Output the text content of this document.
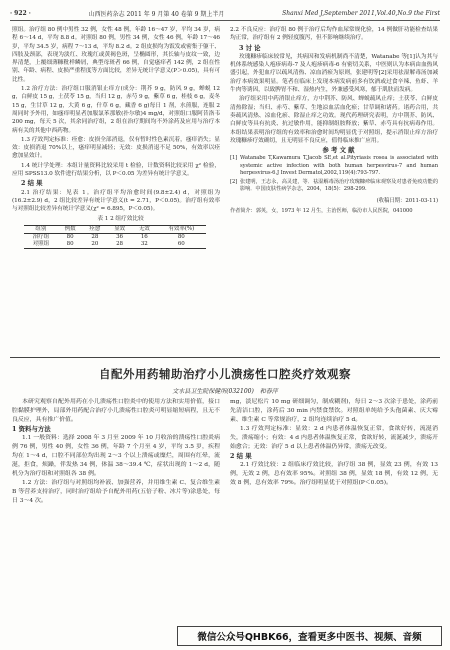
· 922 ·	山西医药杂志 2011 年 9 月第 40 卷第 9 期上半月	Shanxi Med J,September 2011,Vol.40,No.9 the First

照组。治疗组 80 例中男性 32 例，女性 48 例，年龄 16～47 岁，平均 34 岁，病程 6～14 d，平均 8.8 d。对照组 80 例，男性 34 例，女性 46 例，年龄 17～46 岁，平均 34.5 岁，病程 7～13 d，平均 8.2 d。2 组皮损均为饭发或密集于躯干、四肢及颈部，表现为淡红、玫瑰红或黄褐色斑，呈椭圆形，其长轴与皮纹一致，边界清楚，上覆细薄糠秕样鳞屑，典型母斑者 66 例，自觉瘙痒者 142 例，2 组在性别、年龄、病程、皮损严重程度等方面比较，差异无统计学意义(P＞0.05)，具有可比性。

1.2 治疗方法：治疗组口服消银止痒方(成分：荆芥 9 g，防风 9 g，蝉蜕 12 g，白鲜皮 15 g，土茯苓 15 g，当归 12 g，赤芍 9 g，紫草 6 g，桂枝 6 g，麦冬 15 g，生甘草 12 g，大黄 6 g，什草 6 g，藏香 6 g)每日 1 剂，水煎服，连服 2 周同时予外用，如瘙痒明显者加服氯苯那敏(扑尔敏)4 mg/d，对照组口服阿昔洛韦 200 mg，每天 5 次，其余同治疗组，2 组在治疗期间均不外涂药及应用与治疗本病有关的其他中西药物。

1.3 疗效判定标准：痊愈：皮损全部消退，仅有暂时性色素沉着，瘙痒消失；显效：皮损消退 70%以上，瘙痒明显减轻；无效：皮损消退不足 50%，有效率以痊愈加显效计。

1.4 统计学处理：本组计量资料比较采用 t 检验，计数资料比较采用 χ² 检验，应用 SPSS13.0 软件进行结果分析，以 P＜0.05 为差异有统计学意义。

2 结 果

2.1 治疗结果：见表 1。治疗组平均治愈时间(9.8±2.4) d，对照组为(16.2±2.9) d，2 组比较差异有统计学意义(t = 2.71，P＜0.05)。治疗组有效率与对照组比较差异有统计学意义(χ² = 6.895，P＜0.05)。

表 1 2 组疗效比较

组别	例数	痊愈	显效	无效	有效率(%)
治疗组	80	28	36	16	80
对照组	80	20	28	32	60

2.2 不良反应：治疗组 80 例于治疗后均作血尿常规化验，14 例做肝功能检查结果均正常，治疗组有 2 例轻度腹泻，但不影响继续治疗。

3 讨 论

玫瑰糠疹临床较常见，其病因和发病机制尚不清楚，Watanabe 等[1]认为其与机体系统感染人疱疹病毒-7 及人疱疹病毒-6 有密切关系，中医则认为本病由血热风盛引起，外犯血疗以疏风清热、凉血消瘀为原则，张建明等[2]采用祛湿解毒汤加减治疗本病效果明显。笔者在临床上发现本病发病前多有饮酒或过食辛辣、鱼虾、羊牛肉等诱因，以致脾胃不和、湿热内生，外兼感受风寒，郁于肌肤而发病。

治疗组采用中药消银止痒方，方中荆芥、防风、蝉蜕疏风止痒；土茯苓、白鲜皮清热除湿；当归、赤芍、紫草、生地凉血活血化瘀；甘草调和诸药。诸药合用，共奏疏风清热、凉血化瘀、除湿止痒之功效。现代药理研究表明，方中荆芥、防风、白鲜皮等具有抗炎、抗过敏作用，能抑制组胺释放；紫草、赤芍具有抗病毒作用。本组结果表明治疗组的有效率和治愈时间均明显优于对照组，提示消银止痒方治疗玫瑰糠疹疗效确切，且无明显不良反应，值得临床推广应用。

参 考 文 献

[1] Watanabe T,Kawamura T,Jacob SE,et al.Pityriasis rosea is associated with systemic active infection with both human herpesvirus-7 and human herpesvirus-6.J Invest Dermatol,2002,119(4):793-797.

[2] 张建明，王志永，高灵建，等．祛湿解毒汤治疗玫瑰糠疹临床观察及对患者免疫功能的影响．中国皮肤性病学杂志，2004，18(5)：298-299.

(收稿日期：2011-03-11)

作者简介：郭英，女，1973 年 12 月生，主治医师，临汾市人民医院，041000

自配外用药辅助治疗小儿溃疡性口腔炎疗效观察
文水县卫生院保健所(032100)　和春萍

本研究观察自配外用药在小儿溃疡性口腔炎中的使用方法和实用价值，接口腔黏膜护理外，局部外用药配合治疗小儿溃疡性口腔炎可明显缩短病程，且无不良反应，具有推广价值。

1 资料与方法

1.1 一般资料：选择 2008 年 3 月至 2009 年 10 月收治的溃疡性口腔炎病例 76 例，男性 40 例，女性 36 例，年龄 7 个月至 4 岁，平均 3.5 岁，疾程均在 1～4 d，口腔不同部位均出现 2～3 个以上溃疡或糜烂，周围有红晕，流涎，拒食，烦躁，伴发热 34 例，体温 38～39.4 ℃，症状出现的 1～2 d，随机分为治疗组和对照组各 38 例。

1.2 方法：治疗组与对照组均补液、加强营养，并用维生素 C、复合维生素 B 等营养支持治疗，同时治疗组给予自配外用药(五倍子粉、冰片等)涂患处，每日 3～4 次。

mg，淡尼松片 10 mg 研细调匀，制成糊剂)，每日 2～3 次涂于患处，涂药前先清洁口腔，涂药后 30 min 内禁食禁饮。对照组单纯给予头孢菌素、庆大霉素、维生素 C 等常规治疗，2 组均连续治疗 5 d。

1.3 疗效判定标准：显效：2 d 内患者体温恢复正常，食欲好转，流涎消失，溃疡缩小；有效：4 d 内患者体温恢复正常，食欲好转，流涎减少，溃疡开始愈合；无效：治疗 5 d 以上患者体温仍异常，溃疡无改变。

2 结 果

2.1 疗效比较：2 组临床疗效比较，治疗组 38 例，显效 23 例，有效 13 例，无效 2 例，总有效率 95%。对照组 38 例，显效 18 例，有效 12 例，无效 8 例，总有效率 79%。治疗组明显优于对照组(P＜0.05)。

微信公众号QHBK66，查看更多中医书、视频、音频
